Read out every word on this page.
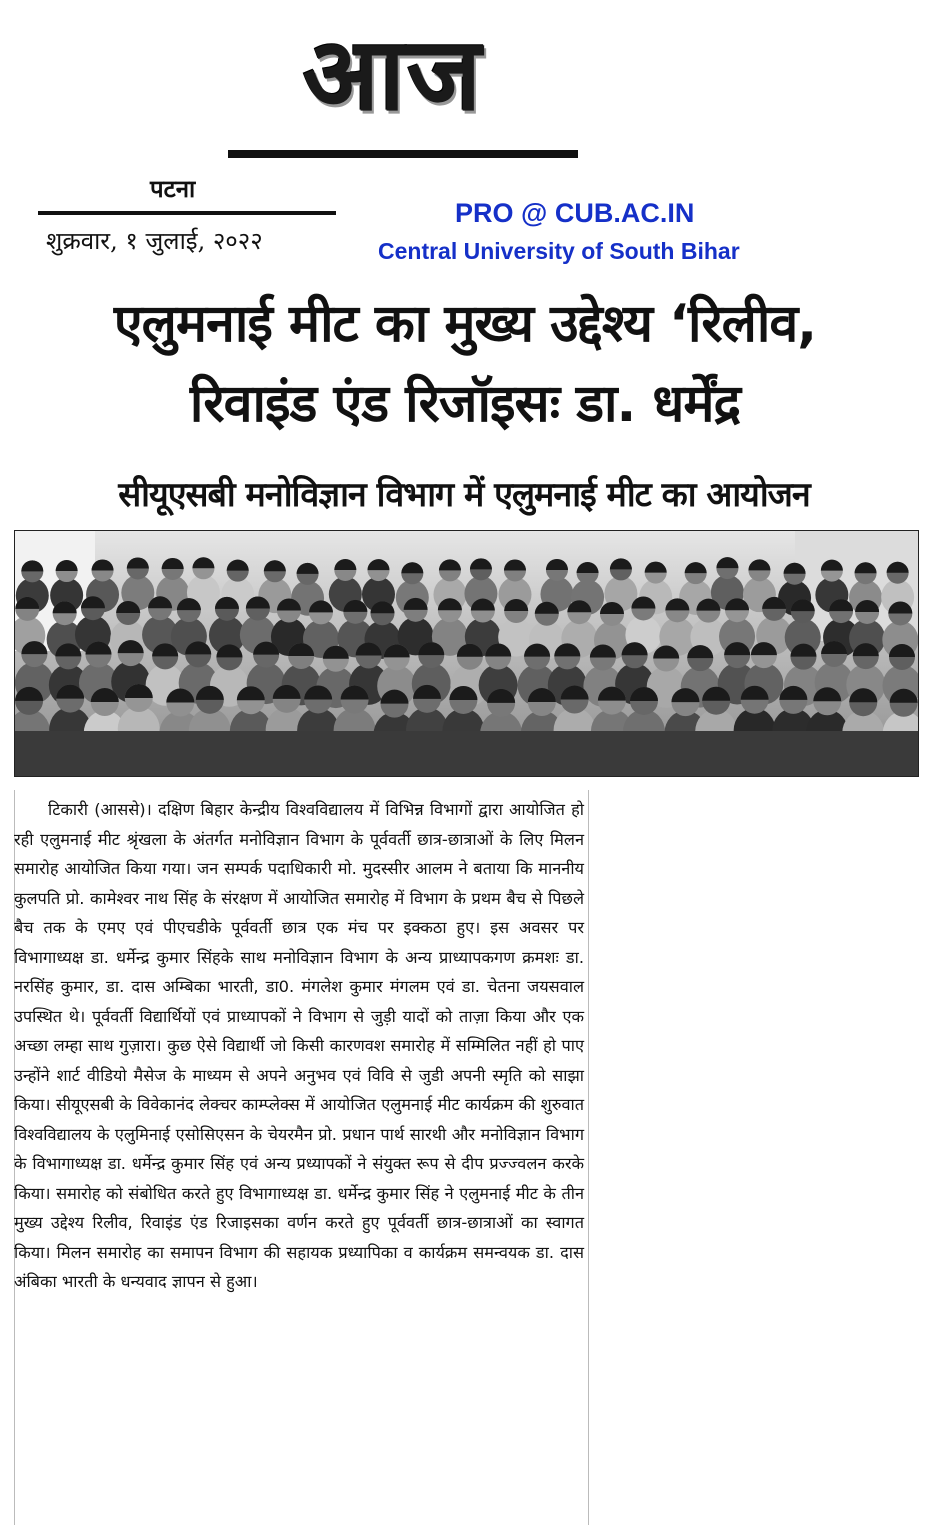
आज
पटना
शुक्रवार, १ जुलाई, २०२२
PRO @ CUB.AC.IN
Central University of South Bihar
एलुमनाई मीट का मुख्य उद्देश्य ‘रिलीव,
रिवाइंड एंड रिजॉइसः डा. धर्मेंद्र
सीयूएसबी मनोविज्ञान विभाग में एलुमनाई मीट का आयोजन

टिकारी (आससे)। दक्षिण बिहार केन्द्रीय विश्वविद्यालय में विभिन्न विभागों द्वारा आयोजित हो रही एलुमनाई मीट श्रृंखला के अंतर्गत मनोविज्ञान विभाग के पूर्ववर्ती छात्र-छात्राओं के लिए मिलन समारोह आयोजित किया गया। जन सम्पर्क पदाधिकारी मो. मुदस्सीर आलम ने बताया कि माननीय कुलपति प्रो. कामेश्वर नाथ सिंह के संरक्षण में आयोजित समारोह में विभाग के प्रथम बैच से पिछले बैच तक के एमए एवं पीएचडीके पूर्ववर्ती छात्र एक मंच पर इक्कठा हुए। इस अवसर पर विभागाध्यक्ष डा. धर्मेन्द्र कुमार सिंहके साथ मनोविज्ञान विभाग के अन्य प्राध्यापकगण क्रमशः डा. नरसिंह कुमार, डा. दास अम्बिका भारती, डा0. मंगलेश कुमार मंगलम एवं डा. चेतना जयसवाल उपस्थित थे। पूर्ववर्ती विद्यार्थियों एवं प्राध्यापकों ने विभाग से जुड़ी यादों को ताज़ा किया और एक अच्छा लम्हा साथ गुज़ारा। कुछ ऐसे विद्यार्थी जो किसी कारणवश समारोह में सम्मिलित नहीं हो पाए उन्होंने शार्ट वीडियो मैसेज के माध्यम से अपने अनुभव एवं विवि से जुडी अपनी स्मृति को साझा किया। सीयूएसबी के विवेकानंद लेक्चर काम्प्लेक्स में आयोजित एलुमनाई मीट कार्यक्रम की शुरुवात विश्वविद्यालय के एलुमिनाई एसोसिएसन के चेयरमैन प्रो. प्रधान पार्थ सारथी और मनोविज्ञान विभाग के विभागाध्यक्ष डा. धर्मेन्द्र कुमार सिंह एवं अन्य प्रध्यापकों ने संयुक्त रूप से दीप प्रज्ज्वलन करके किया। समारोह को संबोधित करते हुए विभागाध्यक्ष डा. धर्मेन्द्र कुमार सिंह ने एलुमनाई मीट के तीन मुख्य उद्देश्य रिलीव, रिवाइंड एंड रिजाइसका वर्णन करते हुए पूर्ववर्ती छात्र-छात्राओं का स्वागत किया। मिलन समारोह का समापन विभाग की सहायक प्रध्यापिका व कार्यक्रम समन्वयक डा. दास अंबिका भारती के धन्यवाद ज्ञापन से हुआ।
